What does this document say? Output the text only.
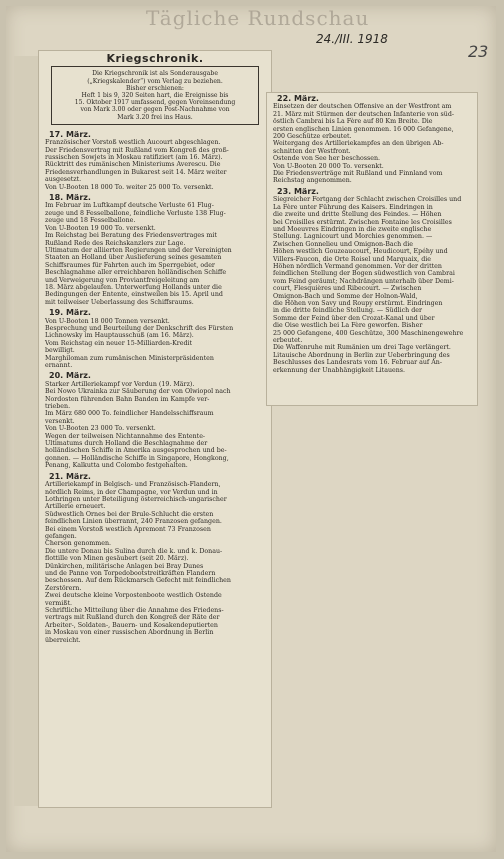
Tägliche Rundschau
24./III. 1918
23
Kriegschronik.

Die Kriegschronik ist als Sonderausgabe

(„Kriegskalender“) vom Verlag zu beziehen.

Bisher erschienen:

Heft 1 bis 9, 320 Seiten hart, die Ereignisse bis

15. Oktober 1917 umfassend, gegen Voreinsendung

von Mark 3.00 oder gegen Post-Nachnahme von

Mark 3.20 frei ins Haus.

17. März.

Französischer Vorstoß westlich Aucourt abgeschlagen.

Der Friedensvertrag mit Rußland vom Kongreß des groß-

russischen Sowjets in Moskau ratifiziert (am 16. März).

Rücktritt des rumänischen Ministeriums Averescu. Die

Friedensverhandlungen in Bukarest seit 14. März weiter

ausgesetzt.

Von U-Booten 18 000 To. weiter 25 000 To. versenkt.

18. März.

Im Februar im Luftkampf deutsche Verluste 61 Flug-

zeuge und 8 Fesselballone, feindliche Verluste 138 Flug-

zeuge und 18 Fesselballone.

Von U-Booten 19 000 To. versenkt.

Im Reichstag bei Beratung des Friedensvertrages mit

Rußland Rede des Reichskanzlers zur Lage.

Ultimatum der alliierten Regierungen und der Vereinigten

Staaten an Holland über Auslieferung seines gesamten

Schiffsraumes für Fahrten auch im Sperrgebiet, oder

Beschlagnahme aller erreichbaren holländischen Schiffe

und Verweigerung von Proviantfreigeleitung am

18. März abgelaufen. Unterwerfung Hollands unter die

Bedingungen der Entente, einstweilen bis 15. April und

mit teilweiser Ueberlassung des Schiffsraums.

19. März.

Von U-Booten 18 000 Tonnen versenkt.

Besprechung und Beurteilung der Denkschrift des Fürsten

Lichnowsky im Hauptausschuß (am 16. März).

Vom Reichstag ein neuer 15-Milliarden-Kredit

bewilligt.

Marghiloman zum rumänischen Ministerpräsidenten

ernannt.

20. März.

Starker Artilleriekampf vor Verdun (19. März).

Bei Nowo Ukrainka zur Säuberung der von Olwiopol nach

Nordosten führenden Bahn Banden im Kampfe ver-

trieben.

Im März 680 000 To. feindlicher Handelsschiffsraum

versenkt.

Von U-Booten 23 000 To. versenkt.

Wegen der teilweisen Nichtannahme des Entente-

Ultimatums durch Holland die Beschlagnahme der

holländischen Schiffe in Amerika ausgesprochen und be-

gonnen. — Holländische Schiffe in Singapore, Hongkong,

Penang, Kalkutta und Colombo festgehalten.

21. März.

Artilleriekampf in Belgisch- und Französisch-Flandern,

nördlich Reims, in der Champagne, vor Verdun und in

Lothringen unter Beteiligung österreichisch-ungarischer

Artillerie erneuert.

Südwestlich Ornes bei der Brule-Schlucht die ersten

feindlichen Linien überrannt, 240 Franzosen gefangen.

Bei einem Vorstoß westlich Apremont 73 Franzosen

gefangen.

Cherson genommen.

Die untere Donau bis Sulina durch die k. und k. Donau-

flottille von Minen gesäubert (seit 20. März).

Dünkirchen, militärische Anlagen bei Bray Dunes

und de Panne von Torpedobootstreitkräften Flandern

beschossen. Auf dem Rückmarsch Gefecht mit feindlichen

Zerstörern.

Zwei deutsche kleine Vorpostenboote westlich Ostende

vermißt.

Schriftliche Mitteilung über die Annahme des Friedens-

vertrags mit Rußland durch den Kongreß der Räte der

Arbeiter-, Soldaten-, Bauern- und Kosakendeputierten

in Moskau von einer russischen Abordnung in Berlin

überreicht.

22. März.

Einsetzen der deutschen Offensive an der Westfront am

21. März mit Stürmen der deutschen Infanterie von süd-

östlich Cambrai bis La Fère auf 80 Km Breite. Die

ersten englischen Linien genommen. 16 000 Gefangene,

200 Geschütze erbeutet.

Weitergang des Artilleriekampfes an den übrigen Ab-

schnitten der Westfront.

Ostende von See her beschossen.

Von U-Booten 20 000 To. versenkt.

Die Friedensverträge mit Rußland und Finnland vom

Reichstag angenommen.

23. März.

Siegreicher Fortgang der Schlacht zwischen Croisilles und

La Fère unter Führung des Kaisers. Eindringen in

die zweite und dritte Stellung des Feindes. — Höhen

bei Croisilles erstürmt. Zwischen Fontaine les Croisilles

und Moeuvres Eindringen in die zweite englische

Stellung. Lagnicourt und Morchies genommen. —

Zwischen Gonnelieu und Omignon-Bach die

Höhen westlich Gouzeaucourt, Heudicourt, Epéhy und

Villers-Faucon, die Orte Roisel und Marquaix, die

Höhen nördlich Vermand genommen. Vor der dritten

feindlichen Stellung der Bogen südwestlich von Cambrai

vom Feind geräumt; Nachdrängen unterhalb über Demi-

court, Flesquières und Ribecourt. — Zwischen

Omignon-Bach und Somme der Holnon-Wald,

die Höhen von Savy und Roupy erstürmt. Eindringen

in die dritte feindliche Stellung. — Südlich der

Somme der Feind über den Crozat-Kanal und über

die Oise westlich bei La Fère geworfen. Bisher

25 000 Gefangene, 400 Geschütze, 300 Maschinengewehre

erbeutet.

Die Waffenruhe mit Rumänien um drei Tage verlängert.

Litauische Abordnung in Berlin zur Ueberbringung des

Beschlusses des Landesrats vom 16. Februar auf An-

erkennung der Unabhängigkeit Litauens.
